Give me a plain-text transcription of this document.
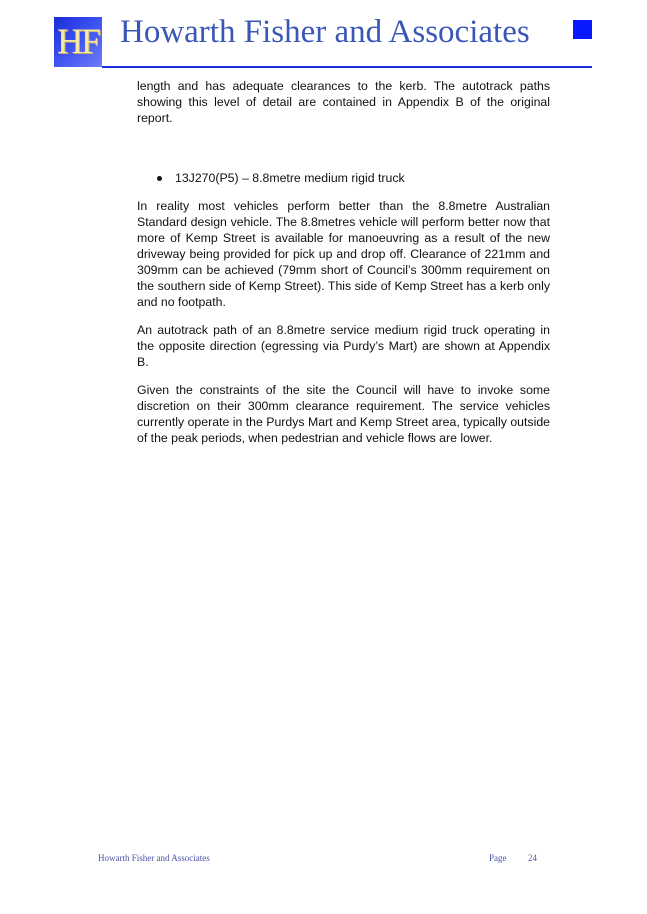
HF Howarth Fisher and Associates

length and has adequate clearances to the kerb. The autotrack paths showing this level of detail are contained in Appendix B of the original report.

13J270(P5) – 8.8metre medium rigid truck

In reality most vehicles perform better than the 8.8metre Australian Standard design vehicle. The 8.8metres vehicle will perform better now that more of Kemp Street is available for manoeuvring as a result of the new driveway being provided for pick up and drop off. Clearance of 221mm and 309mm can be achieved (79mm short of Council’s 300mm requirement on the southern side of Kemp Street). This side of Kemp Street has a kerb only and no footpath.

An autotrack path of an 8.8metre service medium rigid truck operating in the opposite direction (egressing via Purdy’s Mart) are shown at Appendix B.

Given the constraints of the site the Council will have to invoke some discretion on their 300mm clearance requirement. The service vehicles currently operate in the Purdys Mart and Kemp Street area, typically outside of the peak periods, when pedestrian and vehicle flows are lower.

Howarth Fisher and Associates	Page 24
